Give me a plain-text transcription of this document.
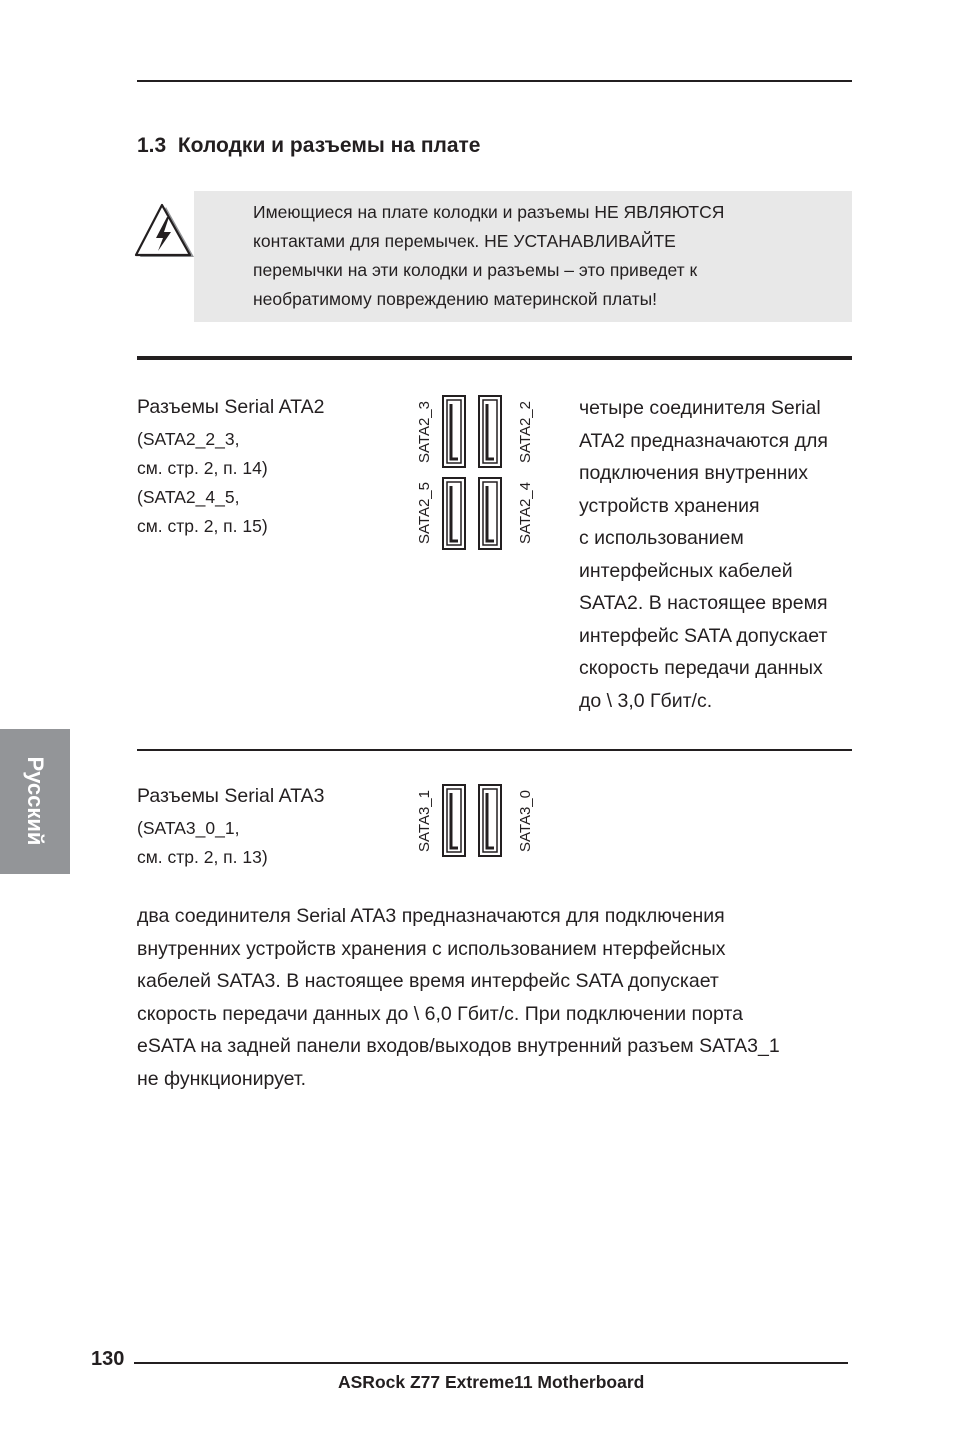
1.3  Колодки и разъемы на плате
Имеющиеся на плате колодки и разъемы НЕ ЯВЛЯЮТСЯ
контактами для перемычек. НЕ УСТАНАВЛИВАЙТЕ
перемычки на эти колодки и разъемы – это приведет к
необратимому повреждению материнской платы!
Разъемы Serial ATA2
(SATA2_2_3,
см. стр. 2, п. 14)
(SATA2_4_5,
см. стр. 2, п. 15)
SATA2_3	SATA2_2
SATA2_5	SATA2_4
четыре соединителя Serial
ATA2 предназначаются для
подключения внутренних
устройств хранения
с использованием
интерфейсных кабелей
SATA2. В настоящее время
интерфейс SATA допускает
скорость передачи данных
до \ 3,0 Гбит/с.
Разъемы Serial ATA3
(SATA3_0_1,
см. стр. 2, п. 13)
SATA3_1	SATA3_0
два соединителя Serial ATA3 предназначаются для подключения
внутренних устройств хранения с использованием нтерфейсных
кабелей SATA3. В настоящее время интерфейс SATA допускает
скорость передачи данных до \ 6,0 Гбит/с. При подключении порта
eSATA на задней панели входов/выходов внутренний разъем SATA3_1
не функционирует.
Русский
130
ASRock Z77 Extreme11 Motherboard
